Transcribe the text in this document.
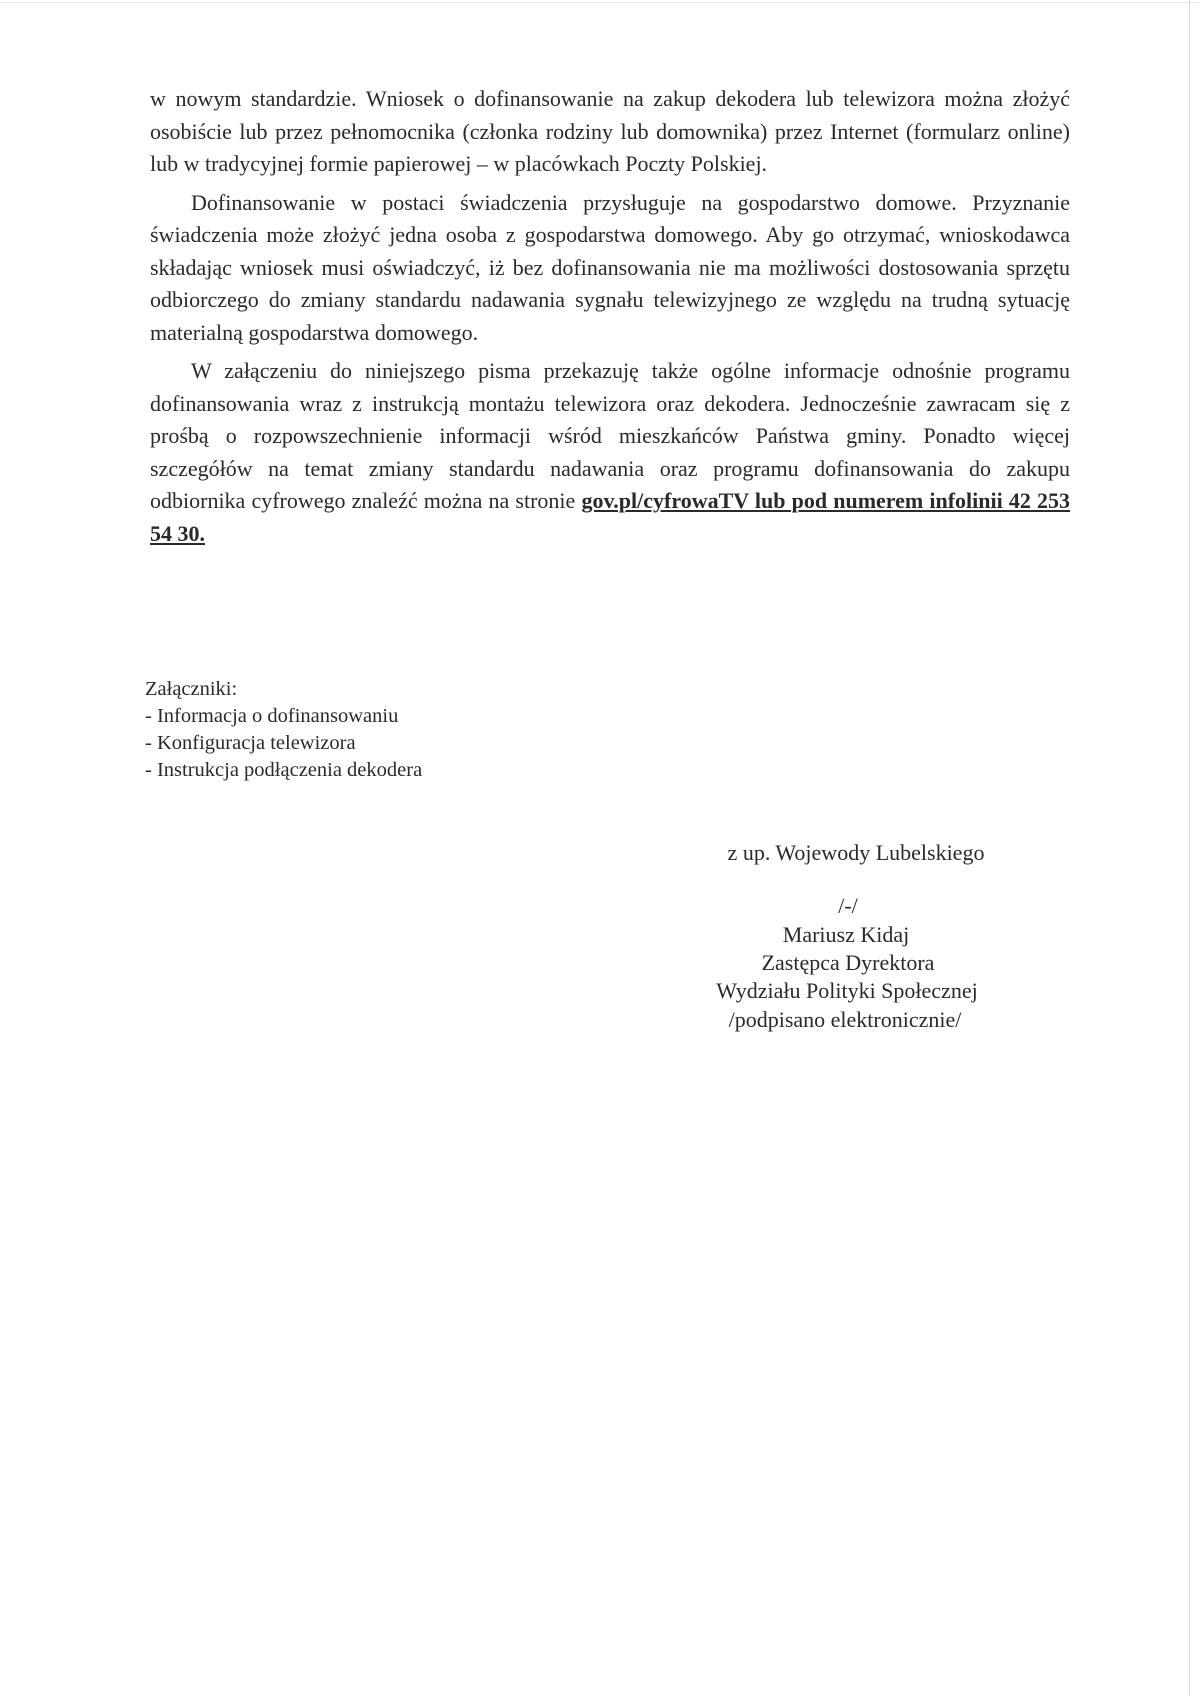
w nowym standardzie. Wniosek o dofinansowanie na zakup dekodera lub telewizora można złożyć osobiście lub przez pełnomocnika (członka rodziny lub domownika) przez Internet (formularz online) lub w tradycyjnej formie papierowej – w placówkach Poczty Polskiej.

Dofinansowanie w postaci świadczenia przysługuje na gospodarstwo domowe. Przyznanie świadczenia może złożyć jedna osoba z gospodarstwa domowego. Aby go otrzymać, wnioskodawca składając wniosek musi oświadczyć, iż bez dofinansowania nie ma możliwości dostosowania sprzętu odbiorczego do zmiany standardu nadawania sygnału telewizyjnego ze względu na trudną sytuację materialną gospodarstwa domowego.

W załączeniu do niniejszego pisma przekazuję także ogólne informacje odnośnie programu dofinansowania wraz z instrukcją montażu telewizora oraz dekodera. Jednocześnie zawracam się z prośbą o rozpowszechnienie informacji wśród mieszkańców Państwa gminy. Ponadto więcej szczegółów na temat zmiany standardu nadawania oraz programu dofinansowania do zakupu odbiornika cyfrowego znaleźć można na stronie gov.pl/cyfrowaTV lub pod numerem infolinii 42 253 54 30.

Załączniki:
- Informacja o dofinansowaniu
- Konfiguracja telewizora
- Instrukcja podłączenia dekodera
z up. Wojewody Lubelskiego
/-/
Mariusz Kidaj
Zastępca Dyrektora
Wydziału Polityki Społecznej
/podpisano elektronicznie/
